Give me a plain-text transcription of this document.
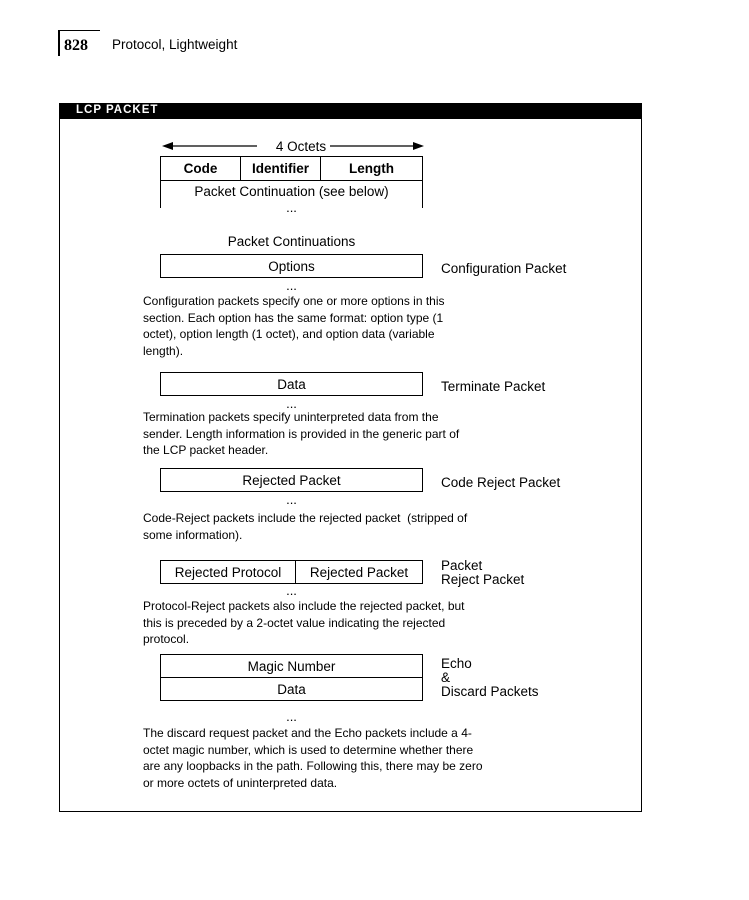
828 Protocol, Lightweight
LCP PACKET
4 Octets
Code	Identifier	Length
Packet Continuation (see below)
...
Packet Continuations
Options	Configuration Packet
...
Configuration packets specify one or more options in this section. Each option has the same format: option type (1 octet), option length (1 octet), and option data (variable length).
Data	Terminate Packet
...
Termination packets specify uninterpreted data from the sender. Length information is provided in the generic part of the LCP packet header.
Rejected Packet	Code Reject Packet
...
Code-Reject packets include the rejected packet  (stripped of some information).
Rejected Protocol	Rejected Packet	Packet
Reject Packet
...
Protocol-Reject packets also include the rejected packet, but this is preceded by a 2-octet value indicating the rejected protocol.
Magic Number
Data
Echo
&
Discard Packets
...
The discard request packet and the Echo packets include a 4-octet magic number, which is used to determine whether there are any loopbacks in the path. Following this, there may be zero or more octets of uninterpreted data.
